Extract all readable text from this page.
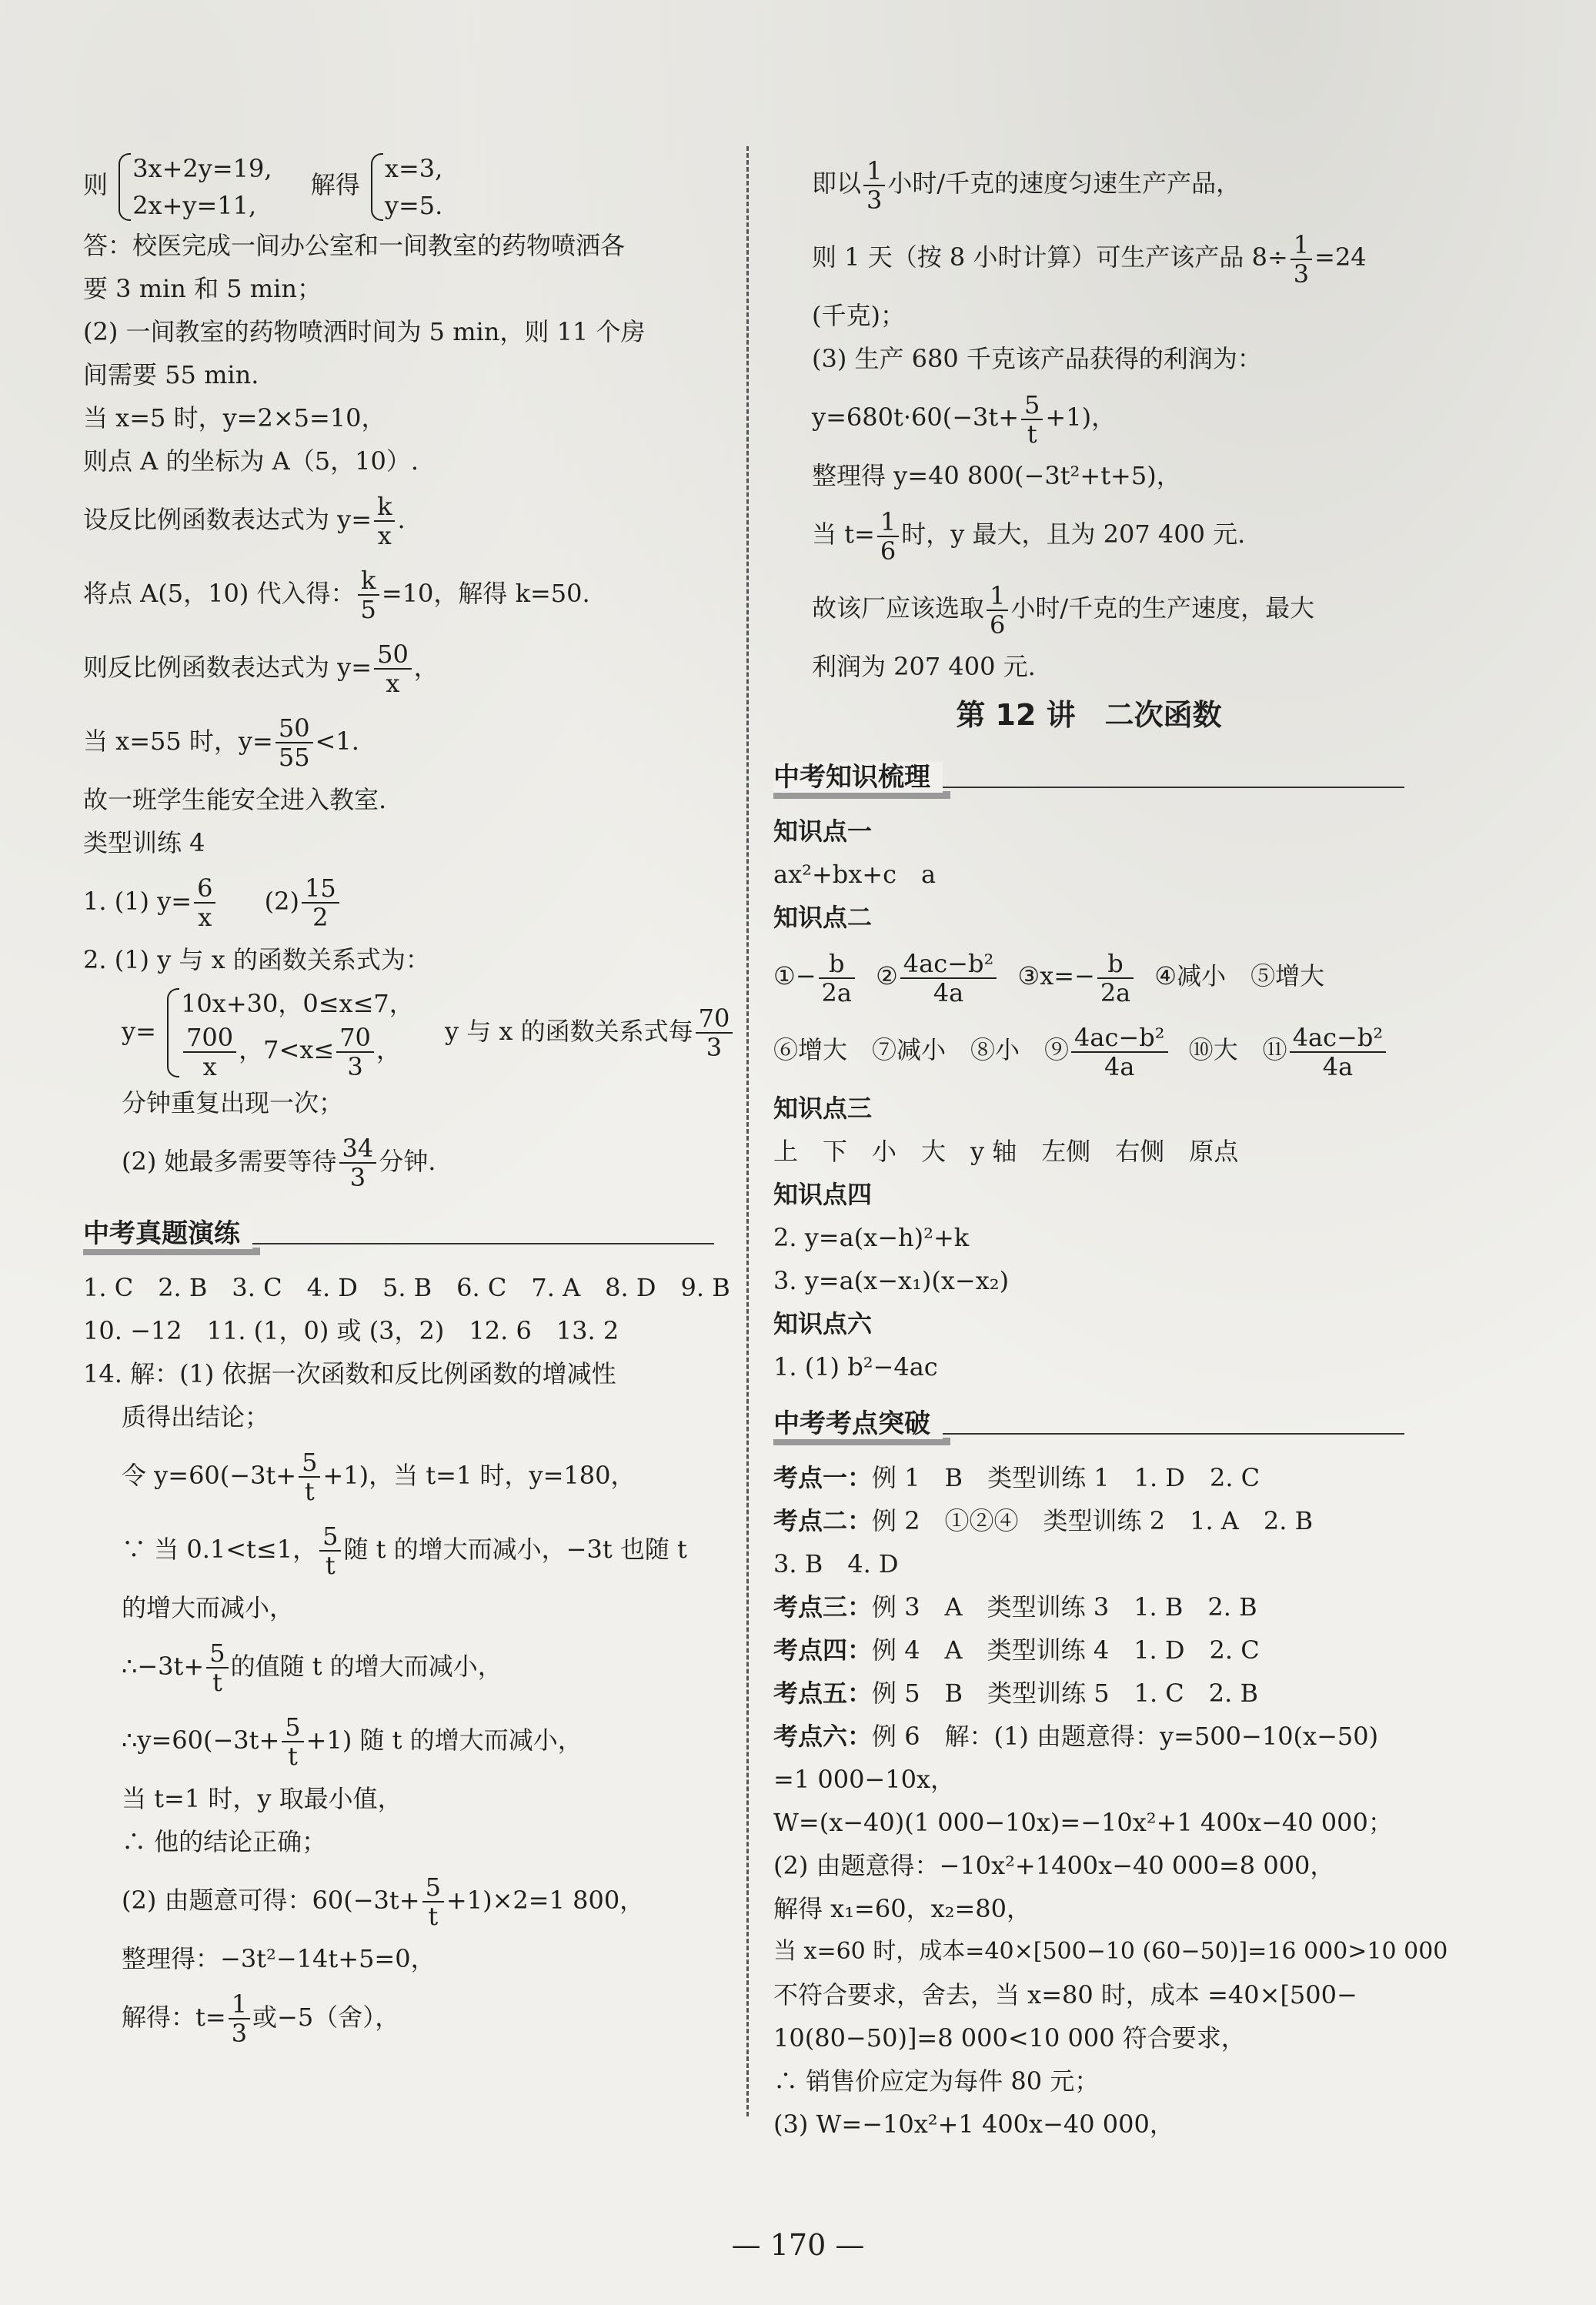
则
3x+2y=19,
2x+y=11,
解得
x=3,
y=5.
答：校医完成一间办公室和一间教室的药物喷洒各
要 3 min 和 5 min；
(2) 一间教室的药物喷洒时间为 5 min，则 11 个房
间需要 55 min.
当 x=5 时，y=2×5=10，
则点 A 的坐标为 A（5，10）.
设反比例函数表达式为 $y= \frac{k}{x}$ .
将点 A(5，10) 代入得： $\frac{k}{5} =10$，解得 k=50.
则反比例函数表达式为 $y= \frac{50}{x}$ ，
当 x=55 时，$y= \frac{50}{55} <1$.
故一班学生能安全进入教室.
类型训练 4
1. (1) $y= \frac{6}{x} (2) \frac{15}{2}$
2. (1) y 与 x 的函数关系式为：
y=
10x+30，0≤x≤7，
$\frac{700}{x}$ ，$7<x\le \frac{70}{3}$ ，
y 与 x 的函数关系式每 $\frac{70}{3}$
分钟重复出现一次；
(2) 她最多需要等待 $\frac{34}{3}$ 分钟.
中考真题演练
1. C　2. B　3. C　4. D　5. B　6. C　7. A　8. D　9. B
10. −12　11. (1，0) 或 (3，2)　12. 6　13. 2
14. 解：(1) 依据一次函数和反比例函数的增减性
质得出结论；
令 $y=60(-3t+ \frac{5}{t} +1)$，当 t=1 时，y=180，
∵ 当 0.1<t≤1， $\frac{5}{t}$ 随 t 的增大而减小，−3t 也随 t
的增大而减小，
∴−3t+ $\frac{5}{t}$ 的值随 t 的增大而减小，
∴y=60(−3t+ $\frac{5}{t} +1$) 随 t 的增大而减小，
当 t=1 时，y 取最小值，
∴ 他的结论正确；
(2) 由题意可得：$60(-3t+ \frac{5}{t} +1)\times 2=1$ 800，
整理得：−3t²−14t+5=0，
解得：$t= \frac{1}{3}$ 或−5（舍），
即以 $\frac{1}{3}$ 小时/千克的速度匀速生产产品，
则 1 天（按 8 小时计算）可生产该产品 $8\div \frac{1}{3} =24$
(千克)；
(3) 生产 680 千克该产品获得的利润为：
$y=680t\cdot 60(-3t+ \frac{5}{t} +1)$，
整理得 y=40 800(−3t²+t+5)，
当 $t= \frac{1}{6}$ 时，y 最大，且为 207 400 元.
故该厂应该选取 $\frac{1}{6}$ 小时/千克的生产速度，最大
利润为 207 400 元.
第 12 讲　二次函数
中考知识梳理
知识点一
ax²+bx+c　a
知识点二
①− $\frac{b}{2a}$ ② $\frac{\text{4ac−b²}}{4a}$ ③x=− $\frac{b}{2a}$ ④减小　⑤增大
⑥增大　⑦减小　⑧小　⑨ $\frac{\text{4ac−b²}}{4a}$ ⑩大　⑪ $\frac{\text{4ac−b²}}{4a}$
知识点三
上　下　小　大　y 轴　左侧　右侧　原点
知识点四
2. y=a(x−h)²+k
3. y=a(x−x₁)(x−x₂)
知识点六
1. (1) b²−4ac
中考考点突破
考点一：例 1　B　类型训练 1　1. D　2. C
考点二：例 2　①②④　类型训练 2　1. A　2. B
3. B　4. D
考点三：例 3　A　类型训练 3　1. B　2. B
考点四：例 4　A　类型训练 4　1. D　2. C
考点五：例 5　B　类型训练 5　1. C　2. B
考点六：例 6　解：(1) 由题意得：y=500−10(x−50)
=1 000−10x，
W=(x−40)(1 000−10x)=−10x²+1 400x−40 000；
(2) 由题意得：−10x²+1400x−40 000=8 000，
解得 x₁=60，x₂=80，
当 x=60 时，成本=40×[500−10 (60−50)]=16 000>10 000
不符合要求，舍去，当 x=80 时，成本 =40×[500−
10(80−50)]=8 000<10 000 符合要求，
∴ 销售价应定为每件 80 元；
(3) W=−10x²+1 400x−40 000，
— 170 —
